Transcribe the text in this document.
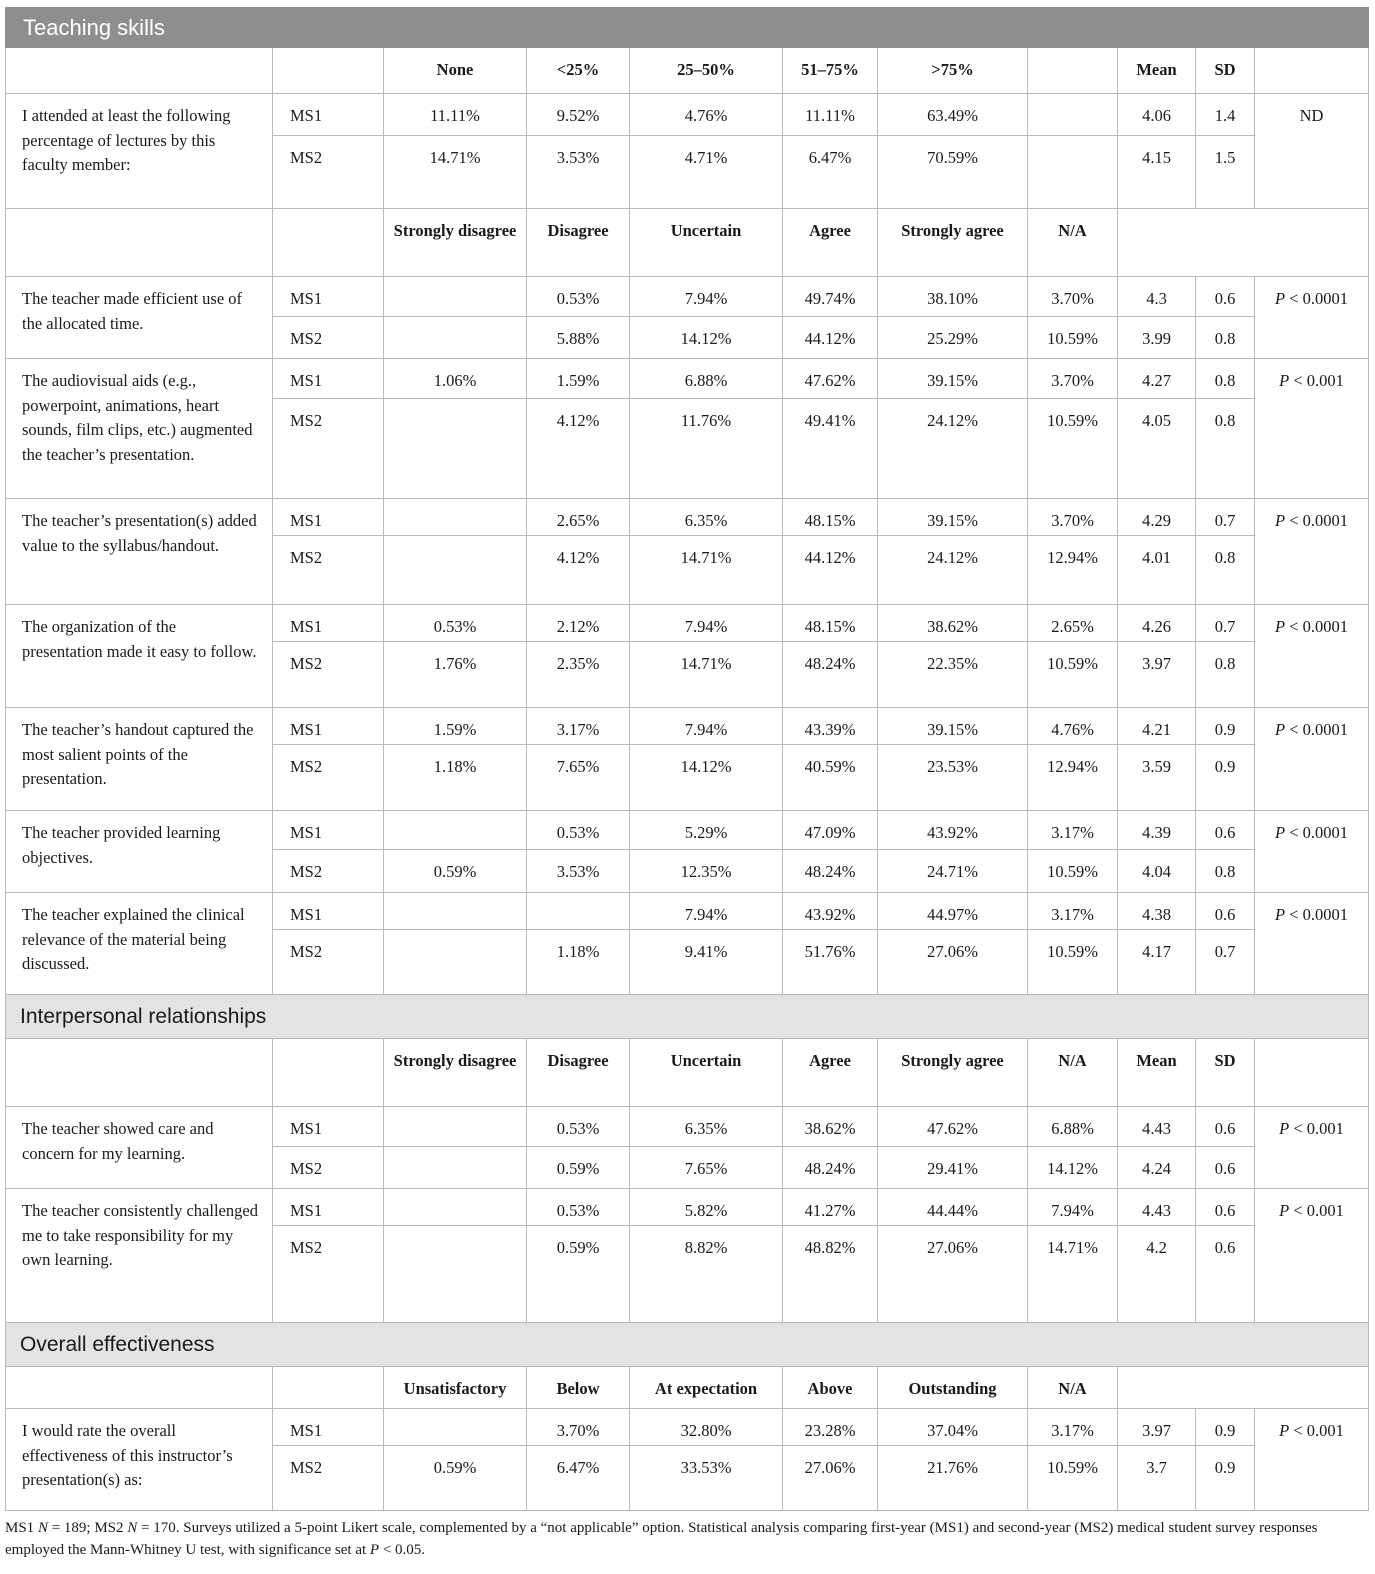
Teaching skills										
		None	<25%	25–50%	51–75%	>75%		Mean	SD	
I attended at least the following percentage of lectures by this faculty member:	MS1	11.11%	9.52%	4.76%	11.11%	63.49%		4.06	1.4	ND
	MS2	14.71%	3.53%	4.71%	6.47%	70.59%		4.15	1.5	
		Strongly disagree	Disagree	Uncertain	Agree	Strongly agree	N/A			
The teacher made efficient use of the allocated time.	MS1		0.53%	7.94%	49.74%	38.10%	3.70%	4.3	0.6	P < 0.0001
	MS2		5.88%	14.12%	44.12%	25.29%	10.59%	3.99	0.8	
The audiovisual aids (e.g., powerpoint, animations, heart sounds, film clips, etc.) augmented the teacher’s presentation.	MS1	1.06%	1.59%	6.88%	47.62%	39.15%	3.70%	4.27	0.8	P < 0.001
	MS2		4.12%	11.76%	49.41%	24.12%	10.59%	4.05	0.8	
The teacher’s presentation(s) added value to the syllabus/handout.	MS1		2.65%	6.35%	48.15%	39.15%	3.70%	4.29	0.7	P < 0.0001
	MS2		4.12%	14.71%	44.12%	24.12%	12.94%	4.01	0.8	
The organization of the presentation made it easy to follow.	MS1	0.53%	2.12%	7.94%	48.15%	38.62%	2.65%	4.26	0.7	P < 0.0001
	MS2	1.76%	2.35%	14.71%	48.24%	22.35%	10.59%	3.97	0.8	
The teacher’s handout captured the most salient points of the presentation.	MS1	1.59%	3.17%	7.94%	43.39%	39.15%	4.76%	4.21	0.9	P < 0.0001
	MS2	1.18%	7.65%	14.12%	40.59%	23.53%	12.94%	3.59	0.9	
The teacher provided learning objectives.	MS1		0.53%	5.29%	47.09%	43.92%	3.17%	4.39	0.6	P < 0.0001
	MS2	0.59%	3.53%	12.35%	48.24%	24.71%	10.59%	4.04	0.8	
The teacher explained the clinical relevance of the material being discussed.	MS1			7.94%	43.92%	44.97%	3.17%	4.38	0.6	P < 0.0001
	MS2		1.18%	9.41%	51.76%	27.06%	10.59%	4.17	0.7	
Interpersonal relationships										
		Strongly disagree	Disagree	Uncertain	Agree	Strongly agree	N/A	Mean	SD	
The teacher showed care and concern for my learning.	MS1		0.53%	6.35%	38.62%	47.62%	6.88%	4.43	0.6	P < 0.001
	MS2		0.59%	7.65%	48.24%	29.41%	14.12%	4.24	0.6	
The teacher consistently challenged me to take responsibility for my own learning.	MS1		0.53%	5.82%	41.27%	44.44%	7.94%	4.43	0.6	P < 0.001
	MS2		0.59%	8.82%	48.82%	27.06%	14.71%	4.2	0.6	
Overall effectiveness										
		Unsatisfactory	Below	At expectation	Above	Outstanding	N/A			
I would rate the overall effectiveness of this instructor’s presentation(s) as:	MS1		3.70%	32.80%	23.28%	37.04%	3.17%	3.97	0.9	P < 0.001
	MS2	0.59%	6.47%	33.53%	27.06%	21.76%	10.59%	3.7	0.9	
MS1 N = 189; MS2 N = 170. Surveys utilized a 5-point Likert scale, complemented by a “not applicable” option. Statistical analysis comparing first-year (MS1) and second-year (MS2) medical student survey responses employed the Mann-Whitney U test, with significance set at P < 0.05.
